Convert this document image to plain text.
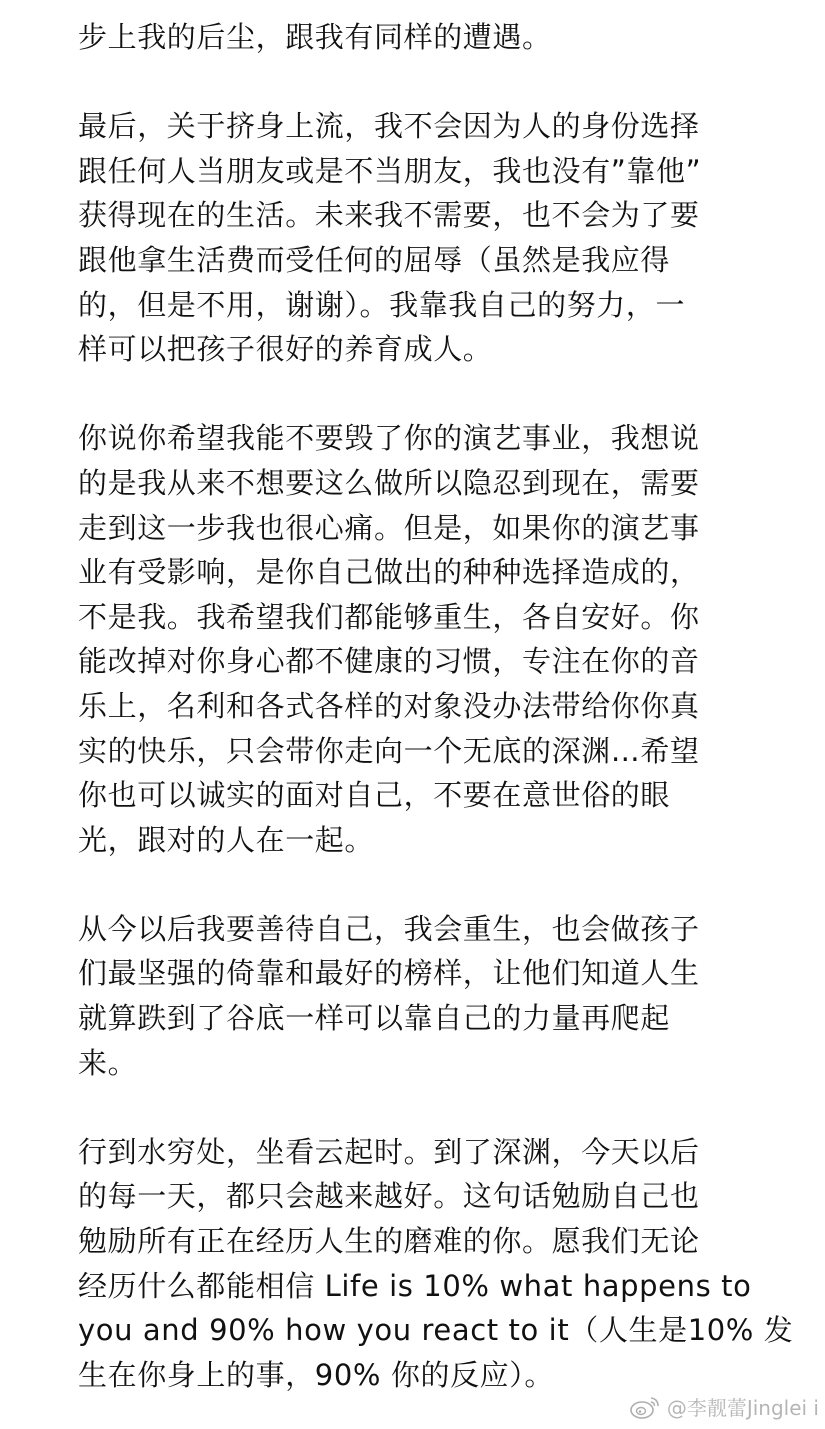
步上我的后尘，跟我有同样的遭遇。
最后，关于挤身上流，我不会因为人的身份选择
跟任何人当朋友或是不当朋友，我也没有”靠他”
获得现在的生活。未来我不需要，也不会为了要
跟他拿生活费而受任何的屈辱（虽然是我应得
的，但是不用，谢谢）。我靠我自己的努力，一
样可以把孩子很好的养育成人。
你说你希望我能不要毁了你的演艺事业，我想说
的是我从来不想要这么做所以隐忍到现在，需要
走到这一步我也很心痛。但是，如果你的演艺事
业有受影响，是你自己做出的种种选择造成的，
不是我。我希望我们都能够重生，各自安好。你
能改掉对你身心都不健康的习惯，专注在你的音
乐上，名利和各式各样的对象没办法带给你你真
实的快乐，只会带你走向一个无底的深渊…希望
你也可以诚实的面对自己，不要在意世俗的眼
光，跟对的人在一起。
从今以后我要善待自己，我会重生，也会做孩子
们最坚强的倚靠和最好的榜样，让他们知道人生
就算跌到了谷底一样可以靠自己的力量再爬起
来。
行到水穷处，坐看云起时。到了深渊，今天以后
的每一天，都只会越来越好。这句话勉励自己也
勉励所有正在经历人生的磨难的你。愿我们无论
经历什么都能相信 Life is 10% what happens to
you and 90% how you react to it（人生是10% 发
生在你身上的事，90% 你的反应）。
@李靓蕾Jinglei i
